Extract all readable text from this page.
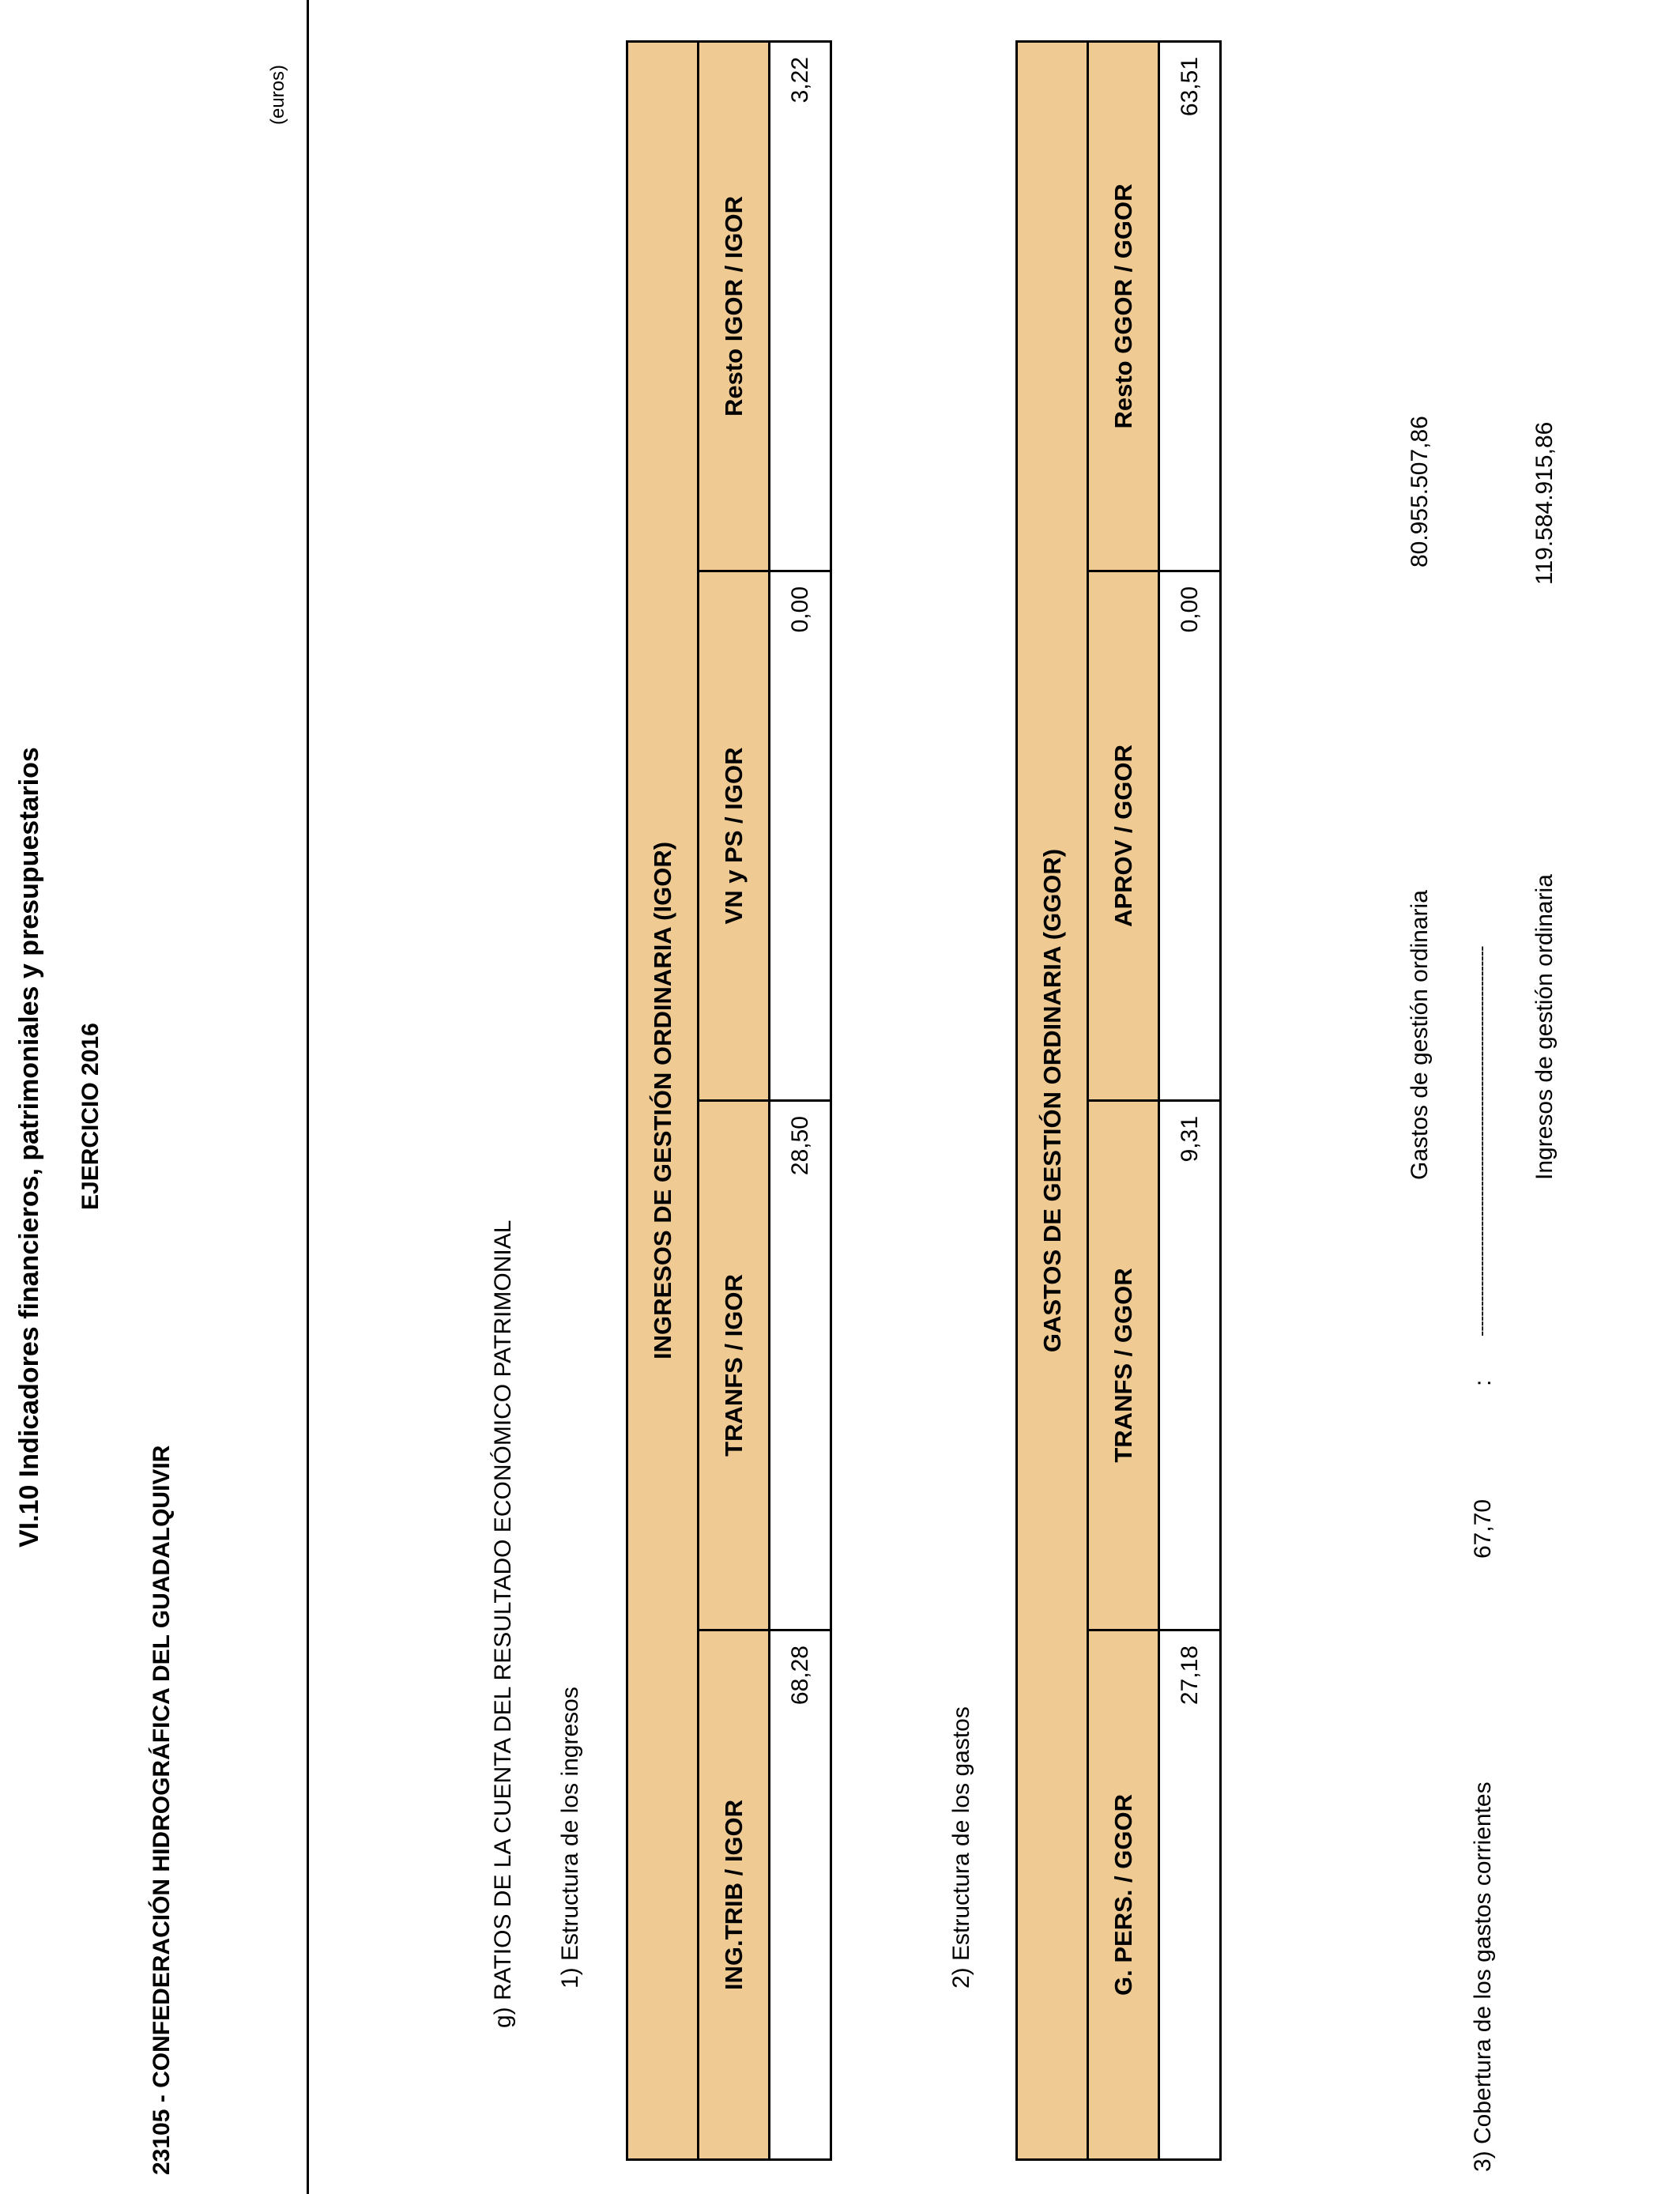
VI.10 Indicadores financieros, patrimoniales y presupuestarios EJERCICIO 2016
23105 - CONFEDERACIÓN HIDROGRÁFICA DEL GUADALQUIVIR
(euros)
g) RATIOS DE LA CUENTA DEL RESULTADO ECONÓMICO PATRIMONIAL 1) Estructura de los ingresos
INGRESOS DE GESTIÓN ORDINARIA (IGOR)			
ING.TRIB / IGOR	TRANFS / IGOR	VN y PS / IGOR	Resto IGOR / IGOR
68,28	28,50	0,00	3,22
2) Estructura de los gastos
GASTOS DE GESTIÓN ORDINARIA (GGOR)			
G. PERS. / GGOR	TRANFS / GGOR	APROV / GGOR	Resto GGOR / GGOR
27,18	9,31	0,00	63,51
Gastos de gestión ordinaria
80.955.507,86
3) Cobertura de los gastos corrientes
67,70
:
------------------------------------------------------------------------------ Ingresos de gestión ordinaria
119.584.915,86
